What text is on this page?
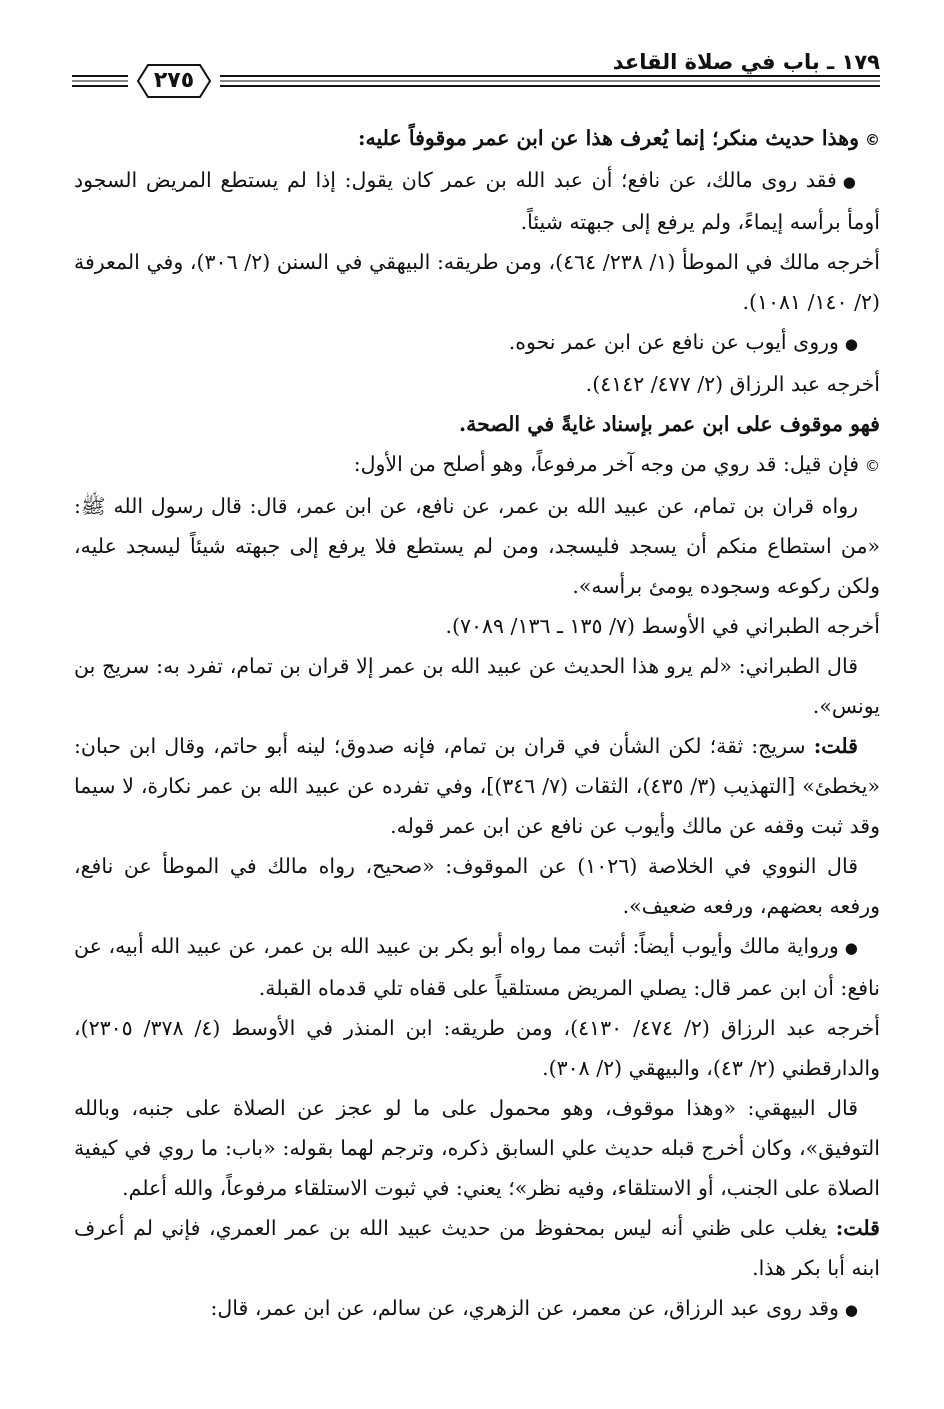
١٧٩ ـ باب في صلاة القاعد
٢٧٥

©وهذا حديث منكر؛ إنما يُعرف هذا عن ابن عمر موقوفاً عليه:

●فقد روى مالك، عن نافع؛ أن عبد الله بن عمر كان يقول: إذا لم يستطع المريض السجود أومأ برأسه إيماءً، ولم يرفع إلى جبهته شيئاً.

أخرجه مالك في الموطأ (١/ ٢٣٨/ ٤٦٤)، ومن طريقه: البيهقي في السنن (٢/ ٣٠٦)، وفي المعرفة (٢/ ١٤٠/ ١٠٨١).

●وروى أيوب عن نافع عن ابن عمر نحوه.

أخرجه عبد الرزاق (٢/ ٤٧٧/ ٤١٤٢).

فهو موقوف على ابن عمر بإسناد غايةً في الصحة.

©فإن قيل: قد روي من وجه آخر مرفوعاً، وهو أصلح من الأول:

رواه قران بن تمام، عن عبيد الله بن عمر، عن نافع، عن ابن عمر، قال: قال رسول الله ﷺ: «من استطاع منكم أن يسجد فليسجد، ومن لم يستطع فلا يرفع إلى جبهته شيئاً ليسجد عليه، ولكن ركوعه وسجوده يومئ برأسه».

أخرجه الطبراني في الأوسط (٧/ ١٣٥ ـ ١٣٦/ ٧٠٨٩).

قال الطبراني: «لم يرو هذا الحديث عن عبيد الله بن عمر إلا قران بن تمام، تفرد به: سريج بن يونس».

قلت: سريج: ثقة؛ لكن الشأن في قران بن تمام، فإنه صدوق؛ لينه أبو حاتم، وقال ابن حبان: «يخطئ» [التهذيب (٣/ ٤٣٥)، الثقات (٧/ ٣٤٦)]، وفي تفرده عن عبيد الله بن عمر نكارة، لا سيما وقد ثبت وقفه عن مالك وأيوب عن نافع عن ابن عمر قوله.

قال النووي في الخلاصة (١٠٢٦) عن الموقوف: «صحيح، رواه مالك في الموطأ عن نافع، ورفعه بعضهم، ورفعه ضعيف».

●ورواية مالك وأيوب أيضاً: أثبت مما رواه أبو بكر بن عبيد الله بن عمر، عن عبيد الله أبيه، عن نافع: أن ابن عمر قال: يصلي المريض مستلقياً على قفاه تلي قدماه القبلة.

أخرجه عبد الرزاق (٢/ ٤٧٤/ ٤١٣٠)، ومن طريقه: ابن المنذر في الأوسط (٤/ ٣٧٨/ ٢٣٠٥)، والدارقطني (٢/ ٤٣)، والبيهقي (٢/ ٣٠٨).

قال البيهقي: «وهذا موقوف، وهو محمول على ما لو عجز عن الصلاة على جنبه، وبالله التوفيق»، وكان أخرج قبله حديث علي السابق ذكره، وترجم لهما بقوله: «باب: ما روي في كيفية الصلاة على الجنب، أو الاستلقاء، وفيه نظر»؛ يعني: في ثبوت الاستلقاء مرفوعاً، والله أعلم.

قلت: يغلب على ظني أنه ليس بمحفوظ من حديث عبيد الله بن عمر العمري، فإني لم أعرف ابنه أبا بكر هذا.

●وقد روى عبد الرزاق، عن معمر، عن الزهري، عن سالم، عن ابن عمر، قال:
